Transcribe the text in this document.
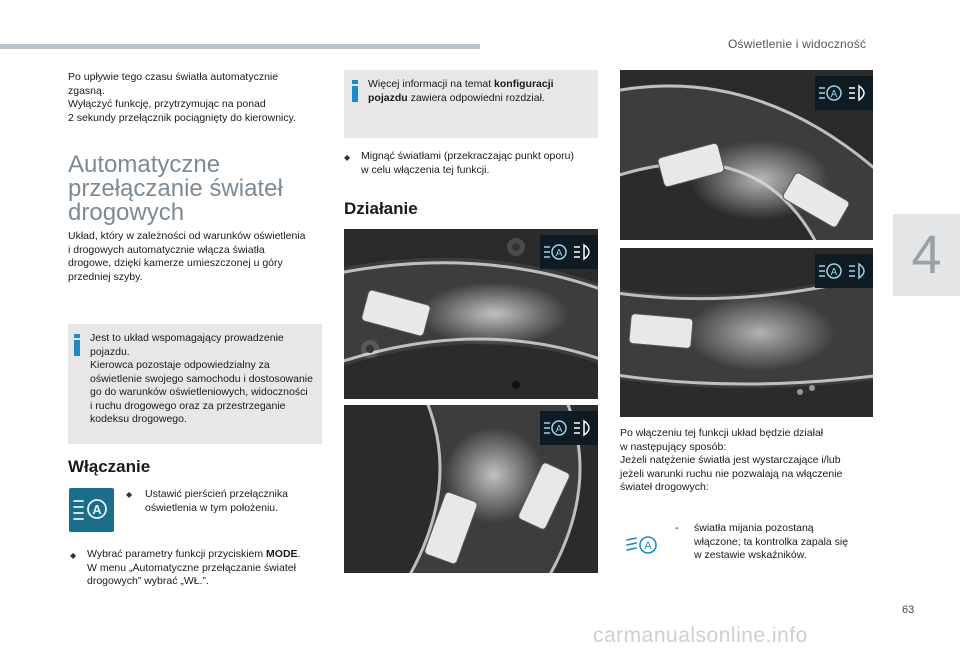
Oświetlenie i widoczność
4
Po upływie tego czasu światła automatycznie
zgasną.
Wyłączyć funkcję, przytrzymując na ponad
2 sekundy przełącznik pociągnięty do kierownicy.
Automatyczne
przełączanie świateł
drogowych
Układ, który w zależności od warunków oświetlenia
i drogowych automatycznie włącza światła
drogowe, dzięki kamerze umieszczonej u góry
przedniej szyby.
Jest to układ wspomagający prowadzenie
pojazdu.
Kierowca pozostaje odpowiedzialny za
oświetlenie swojego samochodu i dostosowanie
go do warunków oświetleniowych, widoczności
i ruchu drogowego oraz za przestrzeganie
kodeksu drogowego.
Włączanie
A
◆ Ustawić pierścień przełącznika
oświetlenia w tym położeniu.
◆ Wybrać parametry funkcji przyciskiem MODE.
W menu „Automatyczne przełączanie świateł
drogowych” wybrać „WŁ.”.
Więcej informacji na temat konfiguracji
pojazdu zawiera odpowiedni rozdział.
◆ Mignąć światłami (przekraczając punkt oporu)
w celu włączenia tej funkcji.
Działanie
A
A
A
A
Po włączeniu tej funkcji układ będzie działał
w następujący sposób:
Jeżeli natężenie światła jest wystarczające i/lub
jeżeli warunki ruchu nie pozwalają na włączenie
świateł drogowych:
A
- światła mijania pozostaną
włączone; ta kontrolka zapala się
w zestawie wskaźników.
63
carmanualsonline.info
